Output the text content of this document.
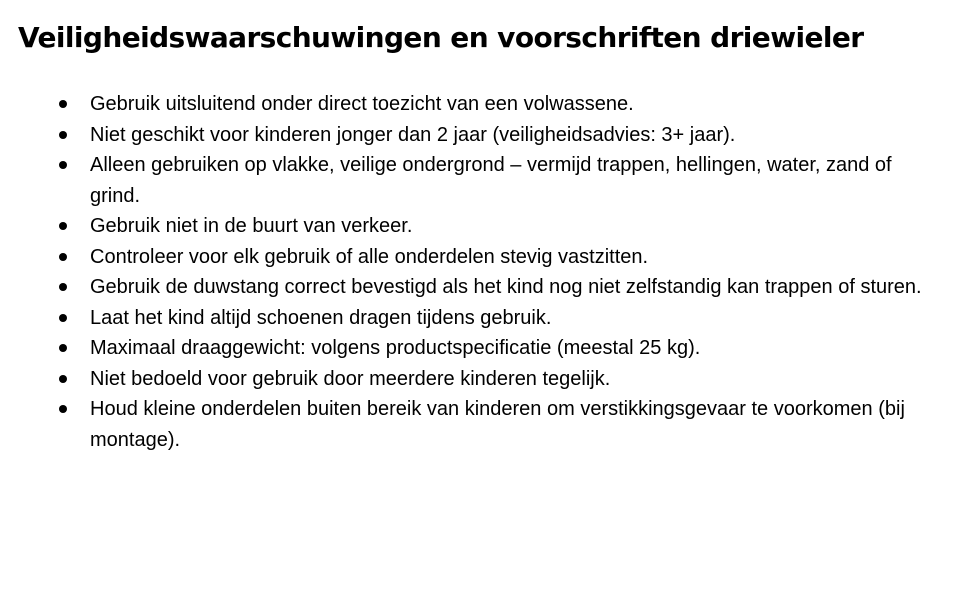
Veiligheidswaarschuwingen en voorschriften driewieler
Gebruik uitsluitend onder direct toezicht van een volwassene.
Niet geschikt voor kinderen jonger dan 2 jaar (veiligheidsadvies: 3+ jaar).
Alleen gebruiken op vlakke, veilige ondergrond – vermijd trappen, hellingen, water, zand of grind.
Gebruik niet in de buurt van verkeer.
Controleer voor elk gebruik of alle onderdelen stevig vastzitten.
Gebruik de duwstang correct bevestigd als het kind nog niet zelfstandig kan trappen of sturen.
Laat het kind altijd schoenen dragen tijdens gebruik.
Maximaal draaggewicht: volgens productspecificatie (meestal 25 kg).
Niet bedoeld voor gebruik door meerdere kinderen tegelijk.
Houd kleine onderdelen buiten bereik van kinderen om verstikkingsgevaar te voorkomen (bij montage).
